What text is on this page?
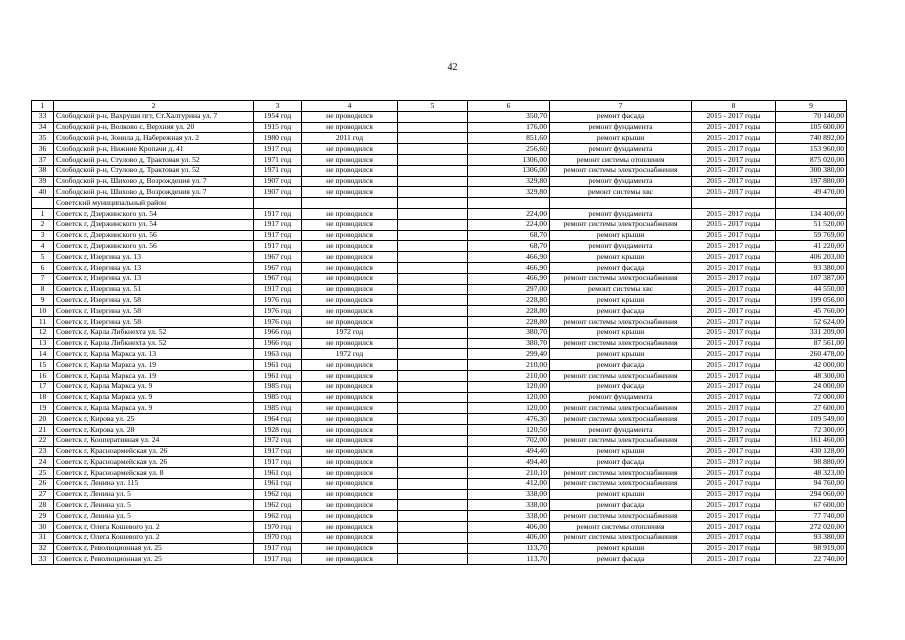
42
1	2	3	4	5	6	7	8	9
33	Слободской р-н, Вахруши пгт, Ст.Халтурина ул. 7	1954 год	не проводился		350,70	ремонт фасада	2015 - 2017 годы	70 140,00
34	Слободской р-н, Волково с, Верхняя ул. 20	1915 год	не проводился		176,00	ремонт фундамента	2015 - 2017 годы	105 600,00
35	Слободской р-н, Зонила д, Набережная ул. 2	1980 год	2011 год		851,60	ремонт крыши	2015 - 2017 годы	740 892,00
36	Слободской р-н, Нижние Кропачи д, 41	1917 год	не проводился		256,60	ремонт фундамента	2015 - 2017 годы	153 960,00
37	Слободской р-н, Стулово д, Трактовая ул. 52	1971 год	не проводился		1306,00	ремонт системы отопления	2015 - 2017 годы	875 020,00
38	Слободской р-н, Стулово д, Трактовая ул. 52	1971 год	не проводился		1306,00	ремонт системы электроснабжения	2015 - 2017 годы	300 380,00
39	Слободской р-н, Шихово д, Возрождения ул. 7	1907 год	не проводился		329,80	ремонт фундамента	2015 - 2017 годы	197 880,00
40	Слободской р-н, Шихово д, Возрождения ул. 7	1907 год	не проводился		329,80	ремонт системы хвс	2015 - 2017 годы	49 470,00
	Советский муниципальный район							
1	Советск г, Дзержинского ул. 54	1917 год	не проводился		224,00	ремонт фундамента	2015 - 2017 годы	134 400,00
2	Советск г, Дзержинского ул. 54	1917 год	не проводился		224,00	ремонт системы электроснабжения	2015 - 2017 годы	51 520,00
3	Советск г, Дзержинского ул. 56	1917 год	не проводился		68,70	ремонт крыши	2015 - 2017 годы	59 769,00
4	Советск г, Дзержинского ул. 56	1917 год	не проводился		68,70	ремонт фундамента	2015 - 2017 годы	41 220,00
5	Советск г, Изергина ул. 13	1967 год	не проводился		466,90	ремонт крыши	2015 - 2017 годы	406 203,00
6	Советск г, Изергина ул. 13	1967 год	не проводился		466,90	ремонт фасада	2015 - 2017 годы	93 380,00
7	Советск г, Изергина ул. 13	1967 год	не проводился		466,90	ремонт системы электроснабжения	2015 - 2017 годы	107 387,00
8	Советск г, Изергина ул. 51	1917 год	не проводился		297,00	ремонт системы хвс	2015 - 2017 годы	44 550,00
9	Советск г, Изергина ул. 58	1976 год	не проводился		228,80	ремонт крыши	2015 - 2017 годы	199 056,00
10	Советск г, Изергина ул. 58	1976 год	не проводился		228,80	ремонт фасада	2015 - 2017 годы	45 760,00
11	Советск г, Изергина ул. 58	1976 год	не проводился		228,80	ремонт системы электроснабжения	2015 - 2017 годы	52 624,00
12	Советск г, Карла Либкнехта ул. 52	1966 год	1972 год		380,70	ремонт крыши	2015 - 2017 годы	331 209,00
13	Советск г, Карла Либкнехта ул. 52	1966 год	не проводился		380,70	ремонт системы электроснабжения	2015 - 2017 годы	87 561,00
14	Советск г, Карла Маркса ул. 13	1963 год	1972 год		299,40	ремонт крыши	2015 - 2017 годы	260 478,00
15	Советск г, Карла Маркса ул. 19	1961 год	не проводился		210,00	ремонт фасада	2015 - 2017 годы	42 000,00
16	Советск г, Карла Маркса ул. 19	1961 год	не проводился		210,00	ремонт системы электроснабжения	2015 - 2017 годы	48 300,00
17	Советск г, Карла Маркса ул. 9	1985 год	не проводился		120,00	ремонт фасада	2015 - 2017 годы	24 000,00
18	Советск г, Карла Маркса ул. 9	1985 год	не проводился		120,00	ремонт фундамента	2015 - 2017 годы	72 000,00
19	Советск г, Карла Маркса ул. 9	1985 год	не проводился		120,00	ремонт системы электроснабжения	2015 - 2017 годы	27 600,00
20	Советск г, Кирова ул. 25	1964 год	не проводился		476,30	ремонт системы электроснабжения	2015 - 2017 годы	109 549,00
21	Советск г, Кирова ул. 28	1928 год	не проводился		120,50	ремонт фундамента	2015 - 2017 годы	72 300,00
22	Советск г, Кооперативная ул. 24	1972 год	не проводился		702,00	ремонт системы электроснабжения	2015 - 2017 годы	161 460,00
23	Советск г, Красноармейская ул. 26	1917 год	не проводился		494,40	ремонт крыши	2015 - 2017 годы	430 128,00
24	Советск г, Красноармейская ул. 26	1917 год	не проводился		494,40	ремонт фасада	2015 - 2017 годы	98 880,00
25	Советск г, Красноармейская ул. 8	1961 год	не проводился		210,10	ремонт системы электроснабжения	2015 - 2017 годы	48 323,00
26	Советск г, Ленина ул. 115	1961 год	не проводился		412,00	ремонт системы электроснабжения	2015 - 2017 годы	94 760,00
27	Советск г, Ленина ул. 5	1962 год	не проводился		338,00	ремонт крыши	2015 - 2017 годы	294 060,00
28	Советск г, Ленина ул. 5	1962 год	не проводился		338,00	ремонт фасада	2015 - 2017 годы	67 600,00
29	Советск г, Ленина ул. 5	1962 год	не проводился		338,00	ремонт системы электроснабжения	2015 - 2017 годы	77 740,00
30	Советск г, Олега Кошевого ул. 2	1970 год	не проводился		406,00	ремонт системы отопления	2015 - 2017 годы	272 020,00
31	Советск г, Олега Кошевого ул. 2	1970 год	не проводился		406,00	ремонт системы электроснабжения	2015 - 2017 годы	93 380,00
32	Советск г, Революционная ул. 25	1917 год	не проводился		113,70	ремонт крыши	2015 - 2017 годы	98 919,00
33	Советск г, Революционная ул. 25	1917 год	не проводился		113,70	ремонт фасада	2015 - 2017 годы	22 740,00
